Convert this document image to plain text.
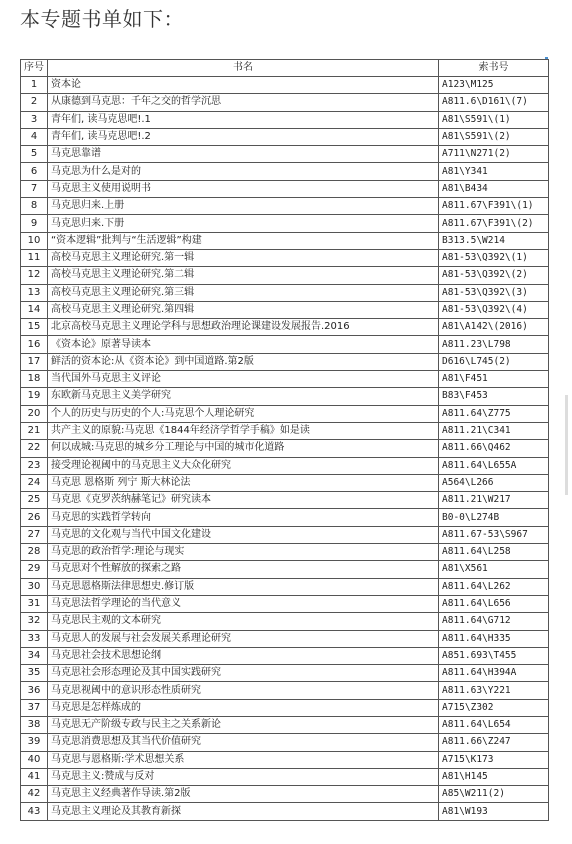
本专题书单如下：
序号	书名	索书号
1	资本论	A123\M125
2	从康德到马克思：千年之交的哲学沉思	A811.6\D161\(7)
3	青年们, 读马克思吧!.1	A81\S591\(1)
4	青年们, 读马克思吧!.2	A81\S591\(2)
5	马克思靠谱	A711\N271(2)
6	马克思为什么是对的	A81\Y341
7	马克思主义使用说明书	A81\B434
8	马克思归来.上册	A811.67\F391\(1)
9	马克思归来.下册	A811.67\F391\(2)
10	“资本逻辑”批判与“生活逻辑”构建	B313.5\W214
11	高校马克思主义理论研究.第一辑	A81-53\Q392\(1)
12	高校马克思主义理论研究.第二辑	A81-53\Q392\(2)
13	高校马克思主义理论研究.第三辑	A81-53\Q392\(3)
14	高校马克思主义理论研究.第四辑	A81-53\Q392\(4)
15	北京高校马克思主义理论学科与思想政治理论课建设发展报告.2016	A81\A142\(2016)
16	《资本论》原著导读本	A811.23\L798
17	鲜活的资本论:从《资本论》到中国道路.第2版	D616\L745(2)
18	当代国外马克思主义评论	A81\F451
19	东欧新马克思主义美学研究	B83\F453
20	个人的历史与历史的个人:马克思个人理论研究	A811.64\Z775
21	共产主义的原貌:马克思《1844年经济学哲学手稿》如是读	A811.21\C341
22	何以成城:马克思的城乡分工理论与中国的城市化道路	A811.66\Q462
23	接受理论视阈中的马克思主义大众化研究	A811.64\L655A
24	马克思 恩格斯 列宁 斯大林论法	A564\L266
25	马克思《克罗茨纳赫笔记》研究读本	A811.21\W217
26	马克思的实践哲学转向	B0-0\L274B
27	马克思的文化观与当代中国文化建设	A811.67-53\S967
28	马克思的政治哲学:理论与现实	A811.64\L258
29	马克思对个性解放的探索之路	A81\X561
30	马克思恩格斯法律思想史.修订版	A811.64\L262
31	马克思法哲学理论的当代意义	A811.64\L656
32	马克思民主观的文本研究	A811.64\G712
33	马克思人的发展与社会发展关系理论研究	A811.64\H335
34	马克思社会技术思想论纲	A851.693\T455
35	马克思社会形态理论及其中国实践研究	A811.64\H394A
36	马克思视阈中的意识形态性质研究	A811.63\Y221
37	马克思是怎样炼成的	A715\Z302
38	马克思无产阶级专政与民主之关系新论	A811.64\L654
39	马克思消费思想及其当代价值研究	A811.66\Z247
40	马克思与恩格斯:学术思想关系	A715\K173
41	马克思主义:赞成与反对	A81\H145
42	马克思主义经典著作导读.第2版	A85\W211(2)
43	马克思主义理论及其教育新探	A81\W193
